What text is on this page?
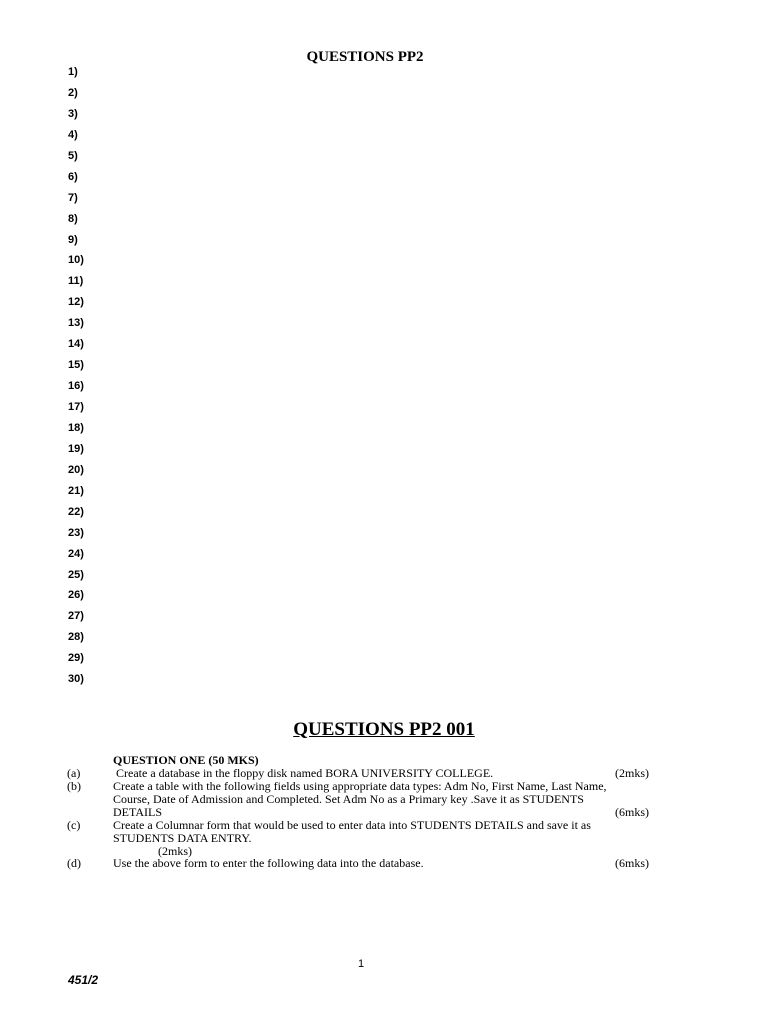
QUESTIONS PP2
1)
2)
3)
4)
5)
6)
7)
8)
9)
10)
11)
12)
13)
14)
15)
16)
17)
18)
19)
20)
21)
22)
23)
24)
25)
26)
27)
28)
29)
30)
QUESTIONS PP2 001
QUESTION ONE (50 MKS)
(a)	Create a database in the floppy disk named BORA UNIVERSITY COLLEGE.	(2mks)
(b)	Create a table with the following fields using appropriate data types: Adm No, First Name, Last Name, Course, Date of Admission and Completed. Set Adm No as a Primary key .Save it as STUDENTS DETAILS	(6mks)
(c)	Create a Columnar form that would be used to enter data into STUDENTS DETAILS and save it as STUDENTS DATA ENTRY.
(2mks)
(d)	Use the above form to enter the following data into the database.	(6mks)
1
451/2
